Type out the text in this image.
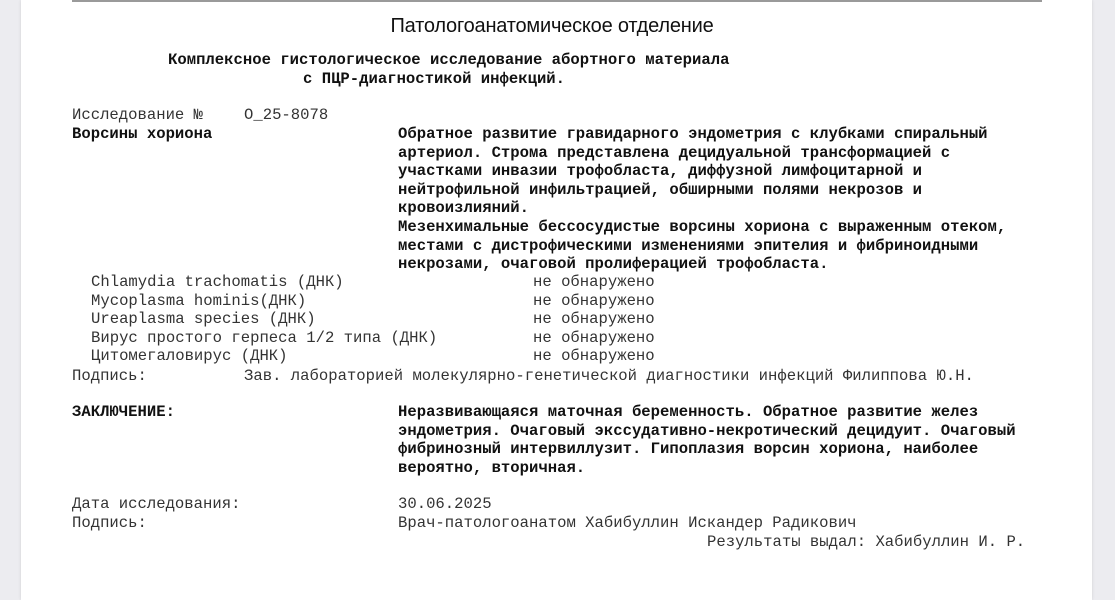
Патологоанатомическое отделение
Комплексное гистологическое исследование абортного материала
с ПЦР-диагностикой инфекций.
Исследование №	O_25-8078
Ворсины хориона	Обратное развитие гравидарного эндометрия с клубками спиральный
артериол. Строма представлена децидуальной трансформацией с
участками инвазии трофобласта, диффузной лимфоцитарной и
нейтрофильной инфильтрацией, обширными полями некрозов и
кровоизлияний.
Мезенхимальные бессосудистые ворсины хориона с выраженным отеком,
местами с дистрофическими изменениями эпителия и фибриноидными
некрозами, очаговой пролиферацией трофобласта.
Chlamydia trachomatis (ДНК)	не обнаружено
Mycoplasma hominis(ДНК)	не обнаружено
Ureaplasma species (ДНК)	не обнаружено
Вирус простого герпеса 1/2 типа (ДНК)	не обнаружено
Цитомегаловирус (ДНК)	не обнаружено
Подпись:	Зав. лабораторией молекулярно-генетической диагностики инфекций Филиппова Ю.Н.
ЗАКЛЮЧЕНИЕ:	Неразвивающаяся маточная беременность. Обратное развитие желез
эндометрия. Очаговый экссудативно-некротический децидуит. Очаговый
фибринозный интервиллузит. Гипоплазия ворсин хориона, наиболее
вероятно, вторичная.
Дата исследования:	30.06.2025
Подпись:	Врач-патологоанатом Хабибуллин Искандер Радикович
Результаты выдал: Хабибуллин И. Р.
